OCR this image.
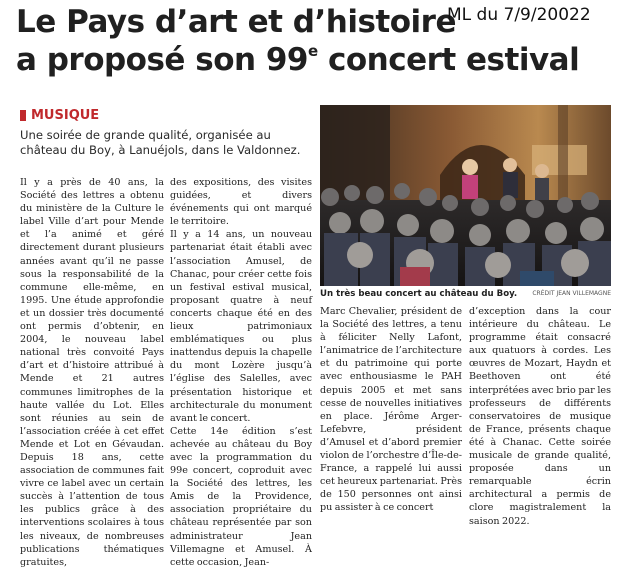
Le Pays d’art et d’histoire
a proposé son 99e concert estival
ML du 7/9/20022
MUSIQUE

Une soirée de grande qualité, organisée au château du Boy, à Lanuéjols, dans le Valdonnez.

Il y a près de 40 ans, la Société des lettres a obtenu du ministère de la Culture le label Ville d’art pour Mende et l’a animé et géré directement durant plusieurs années avant qu’il ne passe sous la responsabilité de la commune elle-même, en 1995. Une étude approfondie et un dossier très documenté ont permis d’obtenir, en 2004, le nouveau label national très convoité Pays d’art et d’histoire attribué à Mende et 21 autres communes limitrophes de la haute vallée du Lot. Elles sont réunies au sein de l’association créée à cet effet Mende et Lot en Gévaudan. Depuis 18 ans, cette association de communes fait vivre ce label avec un certain succès à l’attention de tous les publics grâce à des interventions scolaires à tous les niveaux, de nombreuses publications thématiques gratuites,

des expositions, des visites guidées, et divers événements qui ont marqué le territoire.

Il y a 14 ans, un nouveau partenariat était établi avec l’association Amusel, de Chanac, pour créer cette fois un festival estival musical, proposant quatre à neuf concerts chaque été en des lieux patrimoniaux emblématiques ou plus inattendus depuis la chapelle du mont Lozère jusqu’à l’église des Salelles, avec présentation historique et architecturale du monument avant le concert.

Cette 14e édition s’est achevée au château du Boy avec la programmation du 99e concert, coproduit avec la Société des lettres, les Amis de la Providence, association propriétaire du château représentée par son administrateur Jean Villemagne et Amusel. À cette occasion, Jean-

Un très beau concert au château du Boy.	CRÉDIT JEAN VILLEMAGNE

Marc Chevalier, président de la Société des lettres, a tenu à féliciter Nelly Lafont, l’animatrice de l’architecture et du patrimoine qui porte avec enthousiasme le PAH depuis 2005 et met sans cesse de nouvelles initiatives en place. Jérôme Arger-Lefebvre, président d’Amusel et d’abord premier violon de l’orchestre d’Île-de-France, a rappelé lui aussi cet heureux partenariat. Près de 150 personnes ont ainsi pu assister à ce concert

d’exception dans la cour intérieure du château. Le programme était consacré aux quatuors à cordes. Les œuvres de Mozart, Haydn et Beethoven ont été interprétées avec brio par les professeurs de différents conservatoires de musique de France, présents chaque été à Chanac. Cette soirée musicale de grande qualité, proposée dans un remarquable écrin architectural a permis de clore magistralement la saison 2022.
